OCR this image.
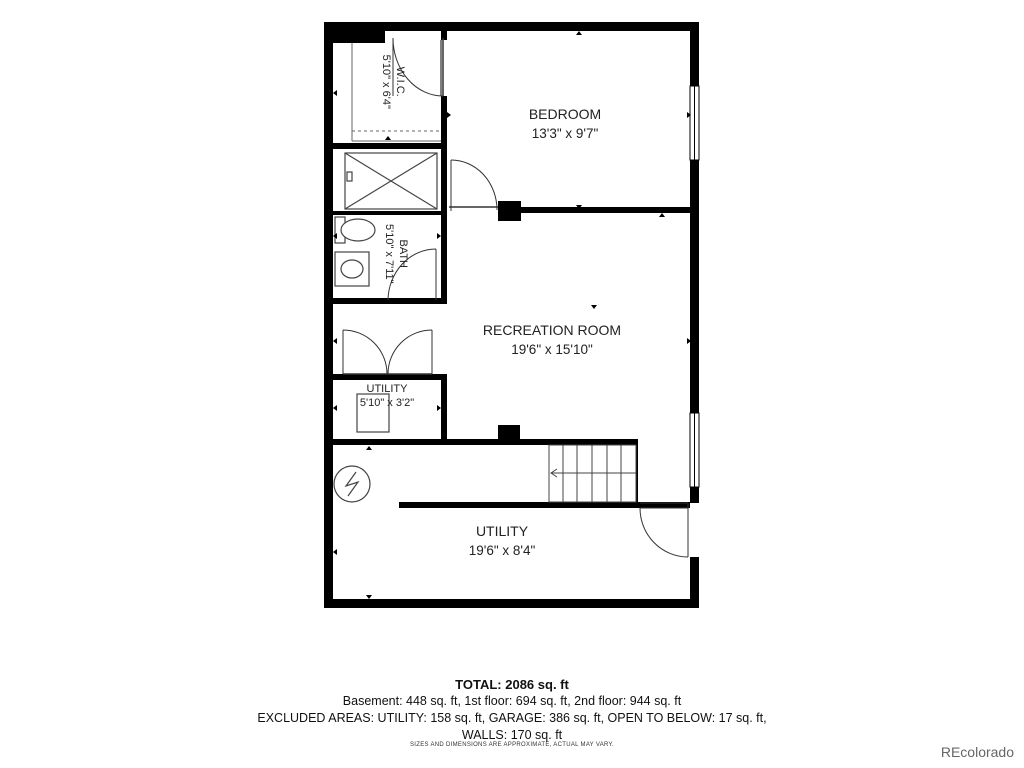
W.I.C.
5'10" x 6'4"
BEDROOM
13'3" x 9'7"
BATH
5'10" x 7'11"
RECREATION ROOM
19'6" x 15'10"
UTILITY
5'10" x 3'2"
UTILITY
19'6" x 8'4"
TOTAL: 2086 sq. ft
Basement: 448 sq. ft, 1st floor: 694 sq. ft, 2nd floor: 944 sq. ft
EXCLUDED AREAS: UTILITY: 158 sq. ft, GARAGE: 386 sq. ft, OPEN TO BELOW: 17 sq. ft,
WALLS: 170 sq. ft
SIZES AND DIMENSIONS ARE APPROXIMATE, ACTUAL MAY VARY.	REcolorado
